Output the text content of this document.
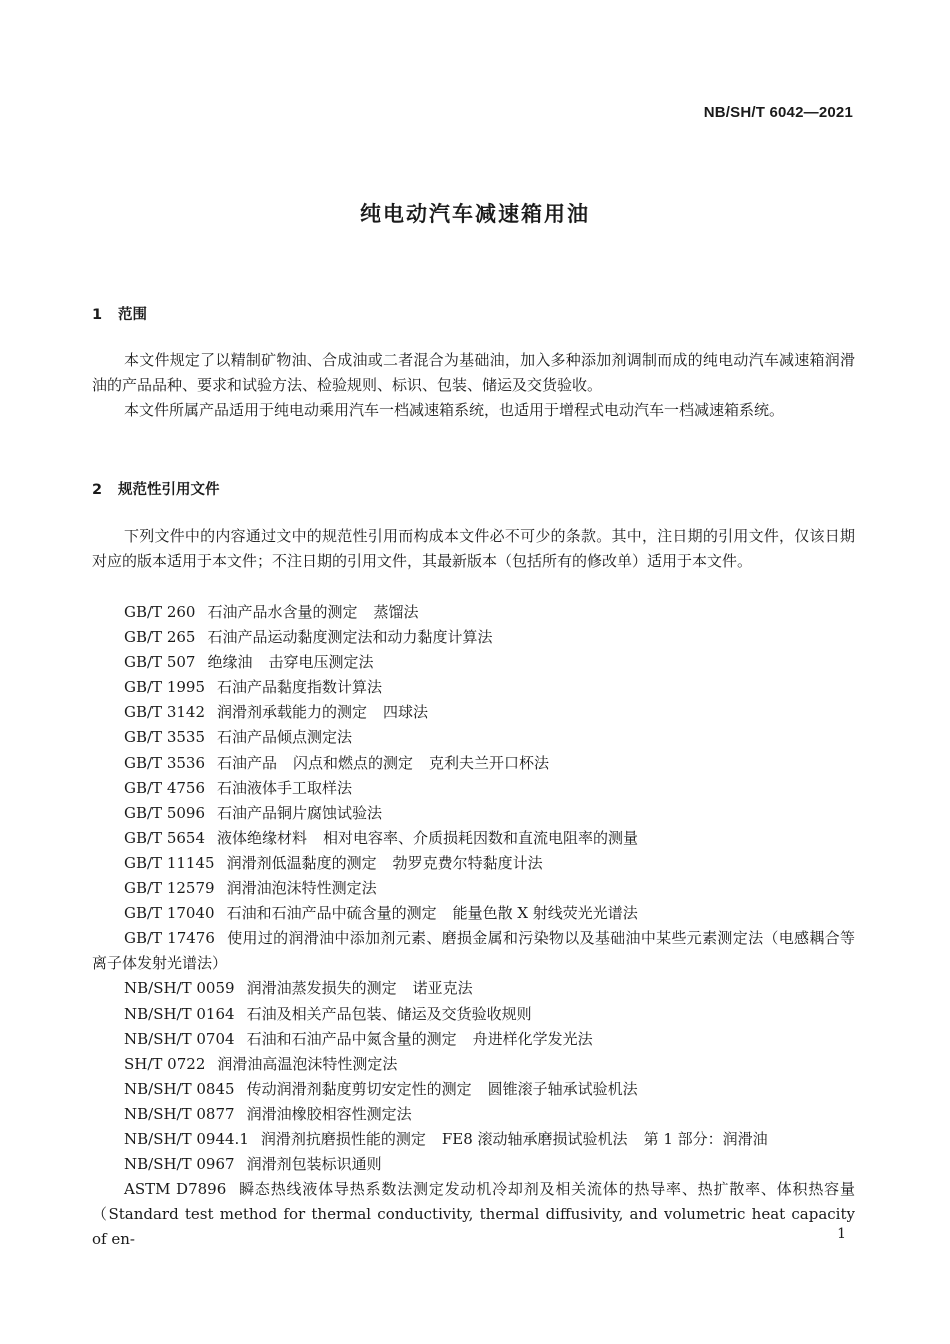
NB/SH/T 6042—2021
纯电动汽车减速箱用油
1 范围

本文件规定了以精制矿物油、合成油或二者混合为基础油，加入多种添加剂调制而成的纯电动汽车减速箱润滑油的产品品种、要求和试验方法、检验规则、标识、包装、储运及交货验收。

本文件所属产品适用于纯电动乘用汽车一档减速箱系统，也适用于增程式电动汽车一档减速箱系统。

2 规范性引用文件

下列文件中的内容通过文中的规范性引用而构成本文件必不可少的条款。其中，注日期的引用文件，仅该日期对应的版本适用于本文件；不注日期的引用文件，其最新版本（包括所有的修改单）适用于本文件。

GB/T 260 石油产品水含量的测定 蒸馏法

GB/T 265 石油产品运动黏度测定法和动力黏度计算法

GB/T 507 绝缘油 击穿电压测定法

GB/T 1995 石油产品黏度指数计算法

GB/T 3142 润滑剂承载能力的测定 四球法

GB/T 3535 石油产品倾点测定法

GB/T 3536 石油产品 闪点和燃点的测定 克利夫兰开口杯法

GB/T 4756 石油液体手工取样法

GB/T 5096 石油产品铜片腐蚀试验法

GB/T 5654 液体绝缘材料 相对电容率、介质损耗因数和直流电阻率的测量

GB/T 11145 润滑剂低温黏度的测定 勃罗克费尔特黏度计法

GB/T 12579 润滑油泡沫特性测定法

GB/T 17040 石油和石油产品中硫含量的测定 能量色散 X 射线荧光光谱法

GB/T 17476 使用过的润滑油中添加剂元素、磨损金属和污染物以及基础油中某些元素测定法（电感耦合等离子体发射光谱法）

NB/SH/T 0059 润滑油蒸发损失的测定 诺亚克法

NB/SH/T 0164 石油及相关产品包装、储运及交货验收规则

NB/SH/T 0704 石油和石油产品中氮含量的测定 舟进样化学发光法

SH/T 0722 润滑油高温泡沫特性测定法

NB/SH/T 0845 传动润滑剂黏度剪切安定性的测定 圆锥滚子轴承试验机法

NB/SH/T 0877 润滑油橡胶相容性测定法

NB/SH/T 0944.1 润滑剂抗磨损性能的测定 FE8 滚动轴承磨损试验机法 第 1 部分：润滑油

NB/SH/T 0967 润滑剂包装标识通则

ASTM D7896 瞬态热线液体导热系数法测定发动机冷却剂及相关流体的热导率、热扩散率、体积热容量（Standard test method for thermal conductivity, thermal diffusivity, and volumetric heat capacity of en-	1
